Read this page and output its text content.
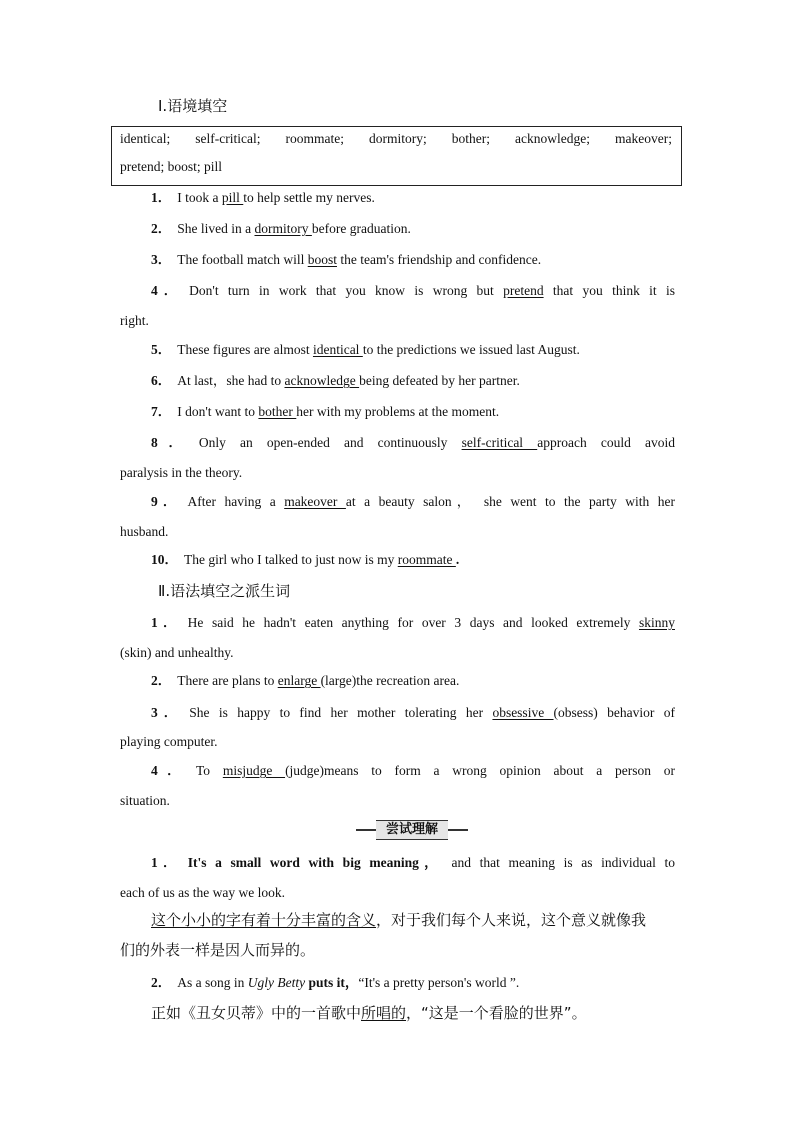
Ⅰ.语境填空
identical; self-critical; roommate; dormitory; bother; acknowledge; makeover;
pretend; boost; pill
1． I took a pill to help settle my nerves.
2． She lived in a dormitory before graduation.
3． The football match will boost the team's friendship and confidence.
4． Don't turn in work that you know is wrong but pretend that you think it is
right.
5． These figures are almost identical to the predictions we issued last August.
6． At last，she had to acknowledge being defeated by her partner.
7． I don't want to bother her with my problems at the moment.
8． Only an open-ended and continuously self-critical approach could avoid
paralysis in the theory.
9． After having a makeover at a beauty salon， she went to the party with her
husband.
10． The girl who I talked to just now is my roommate .
Ⅱ.语法填空之派生词
1． He said he hadn't eaten anything for over 3 days and looked extremely skinny
(skin) and unhealthy.
2． There are plans to enlarge (large)the recreation area.
3． She is happy to find her mother tolerating her obsessive (obsess) behavior of
playing computer.
4． To misjudge (judge)means to form a wrong opinion about a person or
situation.
尝试理解
1． It's a small word with big meaning， and that meaning is as individual to
each of us as the way we look.
这个小小的字有着十分丰富的含义，对于我们每个人来说，这个意义就像我
们的外表一样是因人而异的。
2． As a song in Ugly Betty puts it，“It's a pretty person's world ”.
正如《丑女贝蒂》中的一首歌中所唱的，“这是一个看脸的世界”。
